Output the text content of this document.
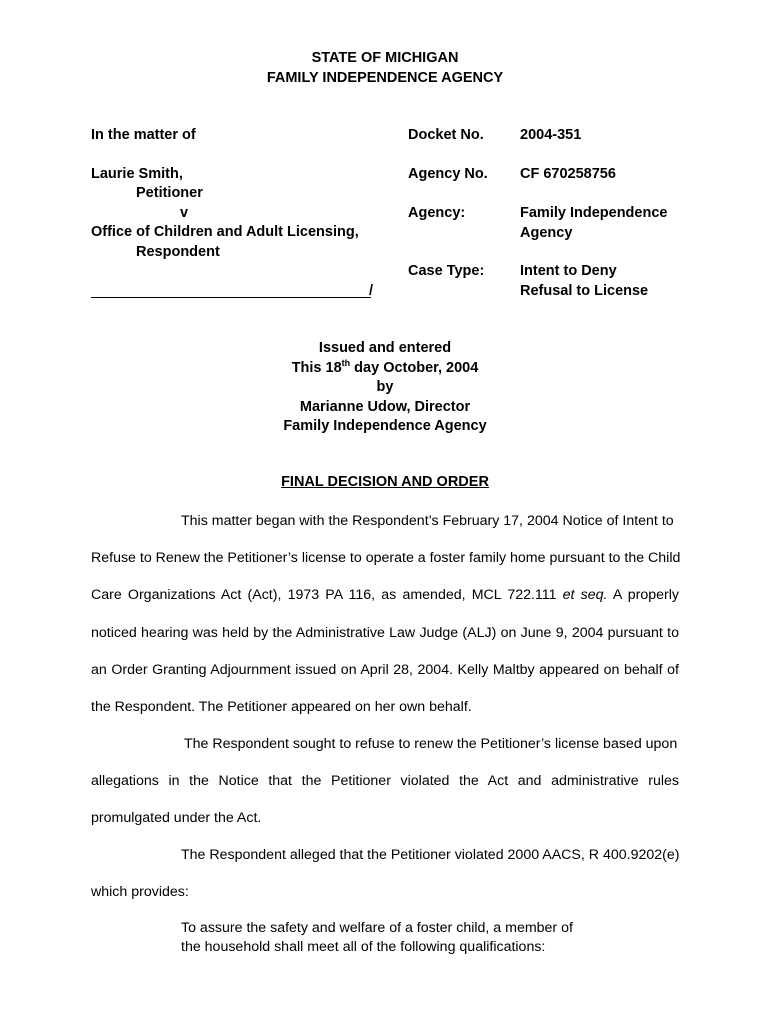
STATE OF MICHIGAN
FAMILY INDEPENDENCE AGENCY
In the matter of
Laurie Smith,
Petitioner
v
Office of Children and Adult Licensing,
Respondent
/
Docket No.	2004-351
Agency No. CF 670258756
Agency:	Family Independence
Agency
Case Type: Intent to Deny
Refusal to License
Issued and entered
This 18th day October, 2004
by
Marianne Udow, Director
Family Independence Agency
FINAL DECISION AND ORDER
This matter began with the Respondent’s February 17, 2004 Notice of Intent to
Refuse to Renew the Petitioner’s license to operate a foster family home pursuant to the Child
Care Organizations Act (Act), 1973 PA 116, as amended, MCL 722.111 et seq. A properly
noticed hearing was held by the Administrative Law Judge (ALJ) on June 9, 2004 pursuant to
an Order Granting Adjournment issued on April 28, 2004. Kelly Maltby appeared on behalf of
the Respondent. The Petitioner appeared on her own behalf.
The Respondent sought to refuse to renew the Petitioner’s license based upon
allegations in the Notice that the Petitioner violated the Act and administrative rules
promulgated under the Act.
The Respondent alleged that the Petitioner violated 2000 AACS, R 400.9202(e)
which provides:
To assure the safety and welfare of a foster child, a member of
the household shall meet all of the following qualifications:
